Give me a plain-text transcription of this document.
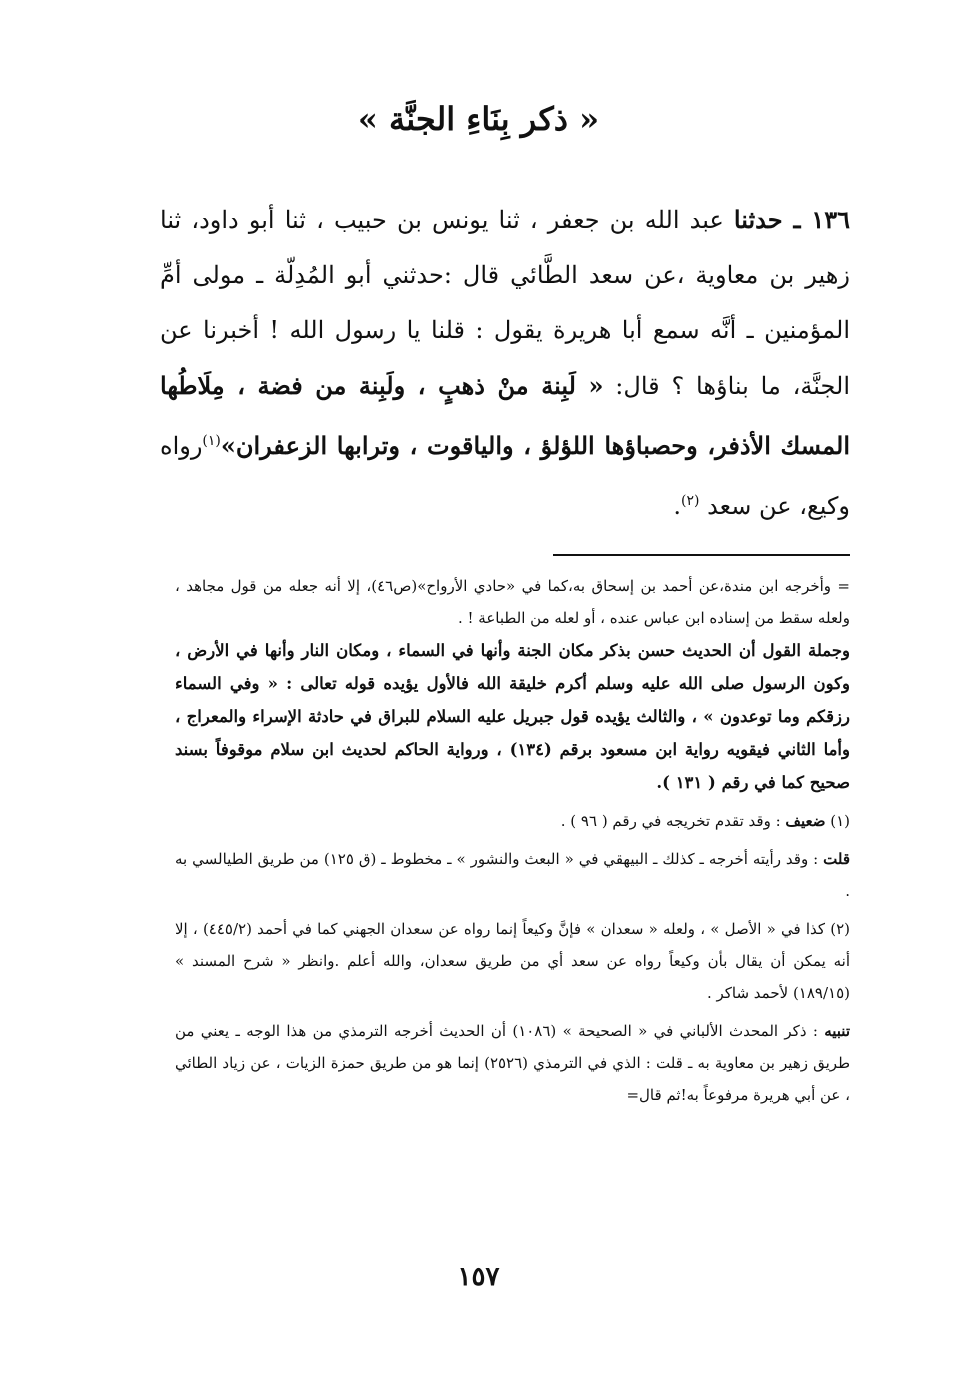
« ذكر بِنَاءِ الجنَّة »

١٣٦ ـ حدثنا عبد الله بن جعفر ، ثنا يونس بن حبيب ، ثنا أبو داود، ثنا زهير بن معاوية ،عن سعد الطَّائي قال :حدثني أبو المُدِلّة ـ مولى أمِّ المؤمنين ـ أنَّه سمع أبا هريرة يقول : قلنا يا رسول الله ! أخبرنا عن الجنَّة، ما بناؤها ؟ قال: « لَبِنة منْ ذهبٍ ، ولَبِنة من فضة ، مِلَاطُها المسك الأذفر، وحصباؤها اللؤلؤ ، والياقوت ، وترابها الزعفران»$^{(١)}$رواه وكيع، عن سعد $^{(٢)}$.

= وأخرجه ابن مندة،عن أحمد بن إسحاق به،كما في «حادي الأرواح»(ص٤٦)، إلا أنه جعله من قول مجاهد ، ولعله سقط من إسناده ابن عباس عنده ، أو لعله من الطباعة ! .

وجملة القول أن الحديث حسن بذكر مكان الجنة وأنها في السماء ، ومكان النار وأنها في الأرض ، وكون الرسول صلى الله عليه وسلم أكرم خليقة الله فالأول يؤيده قوله تعالى : « وفي السماء رزقكم وما توعدون » ، والثالث يؤيده قول جبريل عليه السلام للبراق في حادثة الإسراء والمعراج ، وأما الثاني فيقويه رواية ابن مسعود برقم (١٣٤) ، ورواية الحاكم لحديث ابن سلام موقوفاً بسند صحيح كما في رقم ( ١٣١ ).

(١) ضعيف : وقد تقدم تخريجه في رقم ( ٩٦ ) .

قلت : وقد رأيته أخرجه ـ كذلك ـ البيهقي في « البعث والنشور » ـ مخطوط ـ (ق ١٢٥) من طريق الطيالسي به .

(٢) كذا في « الأصل » ، ولعله « سعدان » فإنَّ وكيعاً إنما رواه عن سعدان الجهني كما في أحمد (٤٤٥/٢) ، إلا أنه يمكن أن يقال بأن وكيعاً رواه عن سعد أي من طريق سعدان، والله أعلم .وانظر « شرح المسند » (١٨٩/١٥) لأحمد شاكر .

تنبيه : ذكر المحدث الألباني في « الصحيحة » (١٠٨٦) أن الحديث أخرجه الترمذي من هذا الوجه ـ يعني من طريق زهير بن معاوية به ـ قلت : الذي في الترمذي (٢٥٢٦) إنما هو من طريق حمزة الزيات ، عن زياد الطائي ، عن أبي هريرة مرفوعاً به!ثم قال=

١٥٧
